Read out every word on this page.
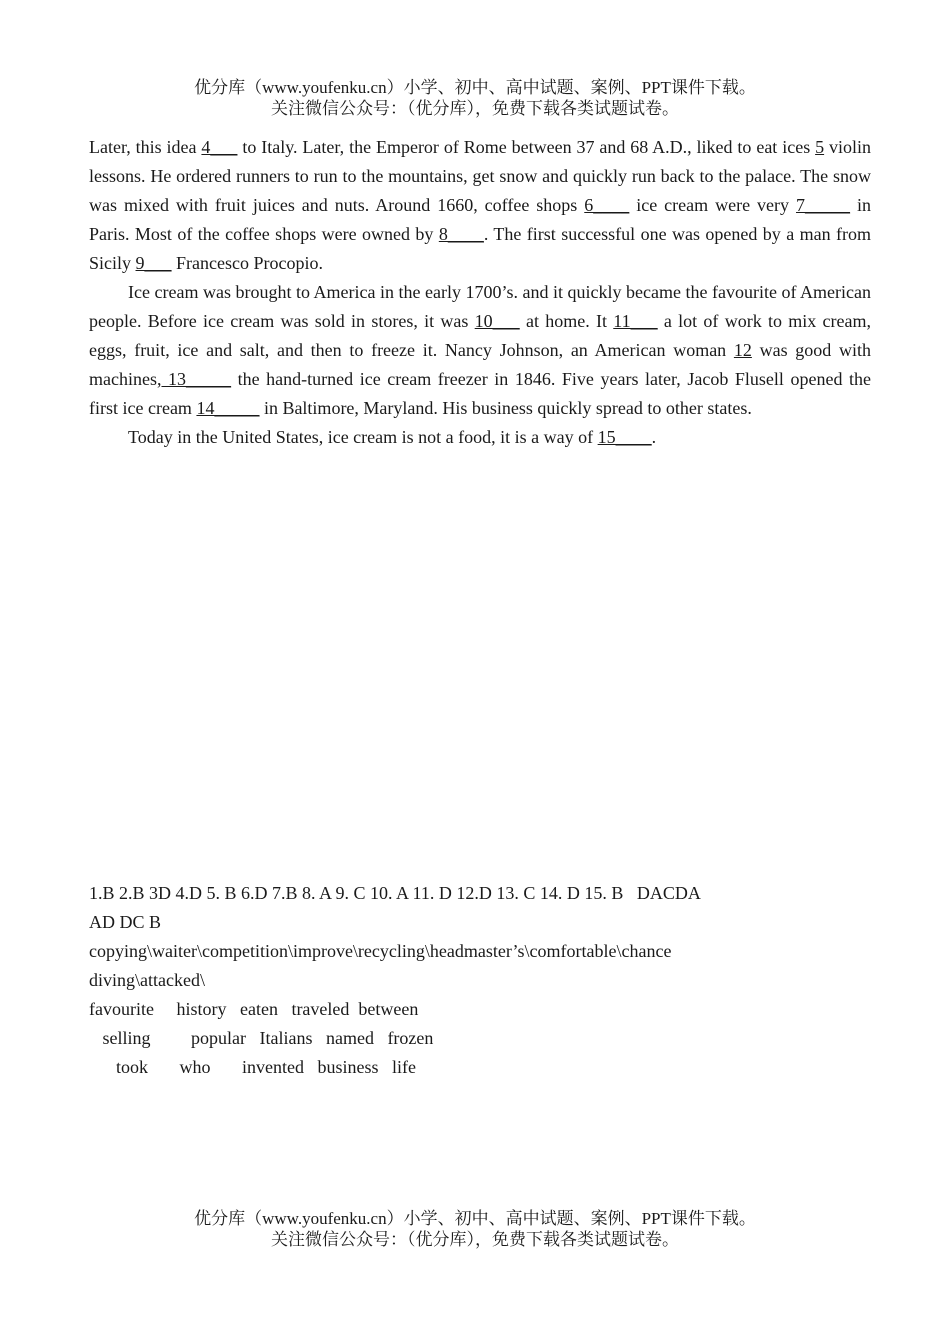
优分库（www.youfenku.cn）小学、初中、高中试题、案例、PPT课件下载。
关注微信公众号：（优分库），免费下载各类试题试卷。

Later, this idea 4___ to Italy. Later, the Emperor of Rome between 37 and 68 A.D., liked to eat ices 5 violin lessons. He ordered runners to run to the mountains, get snow and quickly run back to the palace. The snow was mixed with fruit juices and nuts. Around 1660, coffee shops 6____ ice cream were very 7_____ in Paris. Most of the coffee shops were owned by 8____. The first successful one was opened by a man from Sicily 9___ Francesco Procopio.

Ice cream was brought to America in the early 1700’s. and it quickly became the favourite of American people. Before ice cream was sold in stores, it was 10___ at home. It 11___ a lot of work to mix cream, eggs, fruit, ice and salt, and then to freeze it. Nancy Johnson, an American woman 12 was good with machines, 13_____ the hand-turned ice cream freezer in 1846. Five years later, Jacob Flusell opened the first ice cream 14_____ in Baltimore, Maryland. His business quickly spread to other states.

Today in the United States, ice cream is not a food, it is a way of 15____.

1.B 2.B 3D 4.D 5. B 6.D 7.B 8. A 9. C 10. A 11. D 12.D 13. C 14. D 15. B   DACDA
AD DC B
copying\waiter\competition\improve\recycling\headmaster’s\comfortable\chance
diving\attacked\
favourite     history   eaten   traveled  between
selling         popular   Italians   named   frozen
took       who       invented   business   life
优分库（www.youfenku.cn）小学、初中、高中试题、案例、PPT课件下载。
关注微信公众号：（优分库），免费下载各类试题试卷。
